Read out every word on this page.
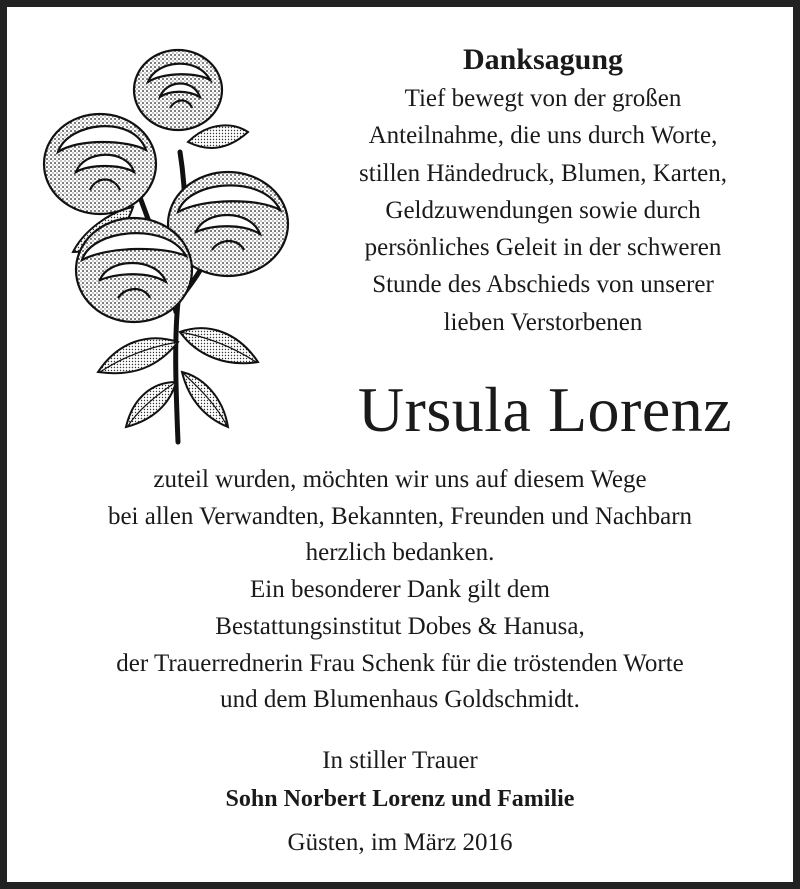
Danksagung
Tief bewegt von der großen
Anteilnahme, die uns durch Worte,
stillen Händedruck, Blumen, Karten,
Geldzuwendungen sowie durch
persönliches Geleit in der schweren
Stunde des Abschieds von unserer
lieben Verstorbenen
Ursula Lorenz
zuteil wurden, möchten wir uns auf diesem Wege
bei allen Verwandten, Bekannten, Freunden und Nachbarn
herzlich bedanken.
Ein besonderer Dank gilt dem
Bestattungsinstitut Dobes & Hanusa,
der Trauerrednerin Frau Schenk für die tröstenden Worte
und dem Blumenhaus Goldschmidt.
In stiller Trauer
Sohn Norbert Lorenz und Familie
Güsten, im März 2016
